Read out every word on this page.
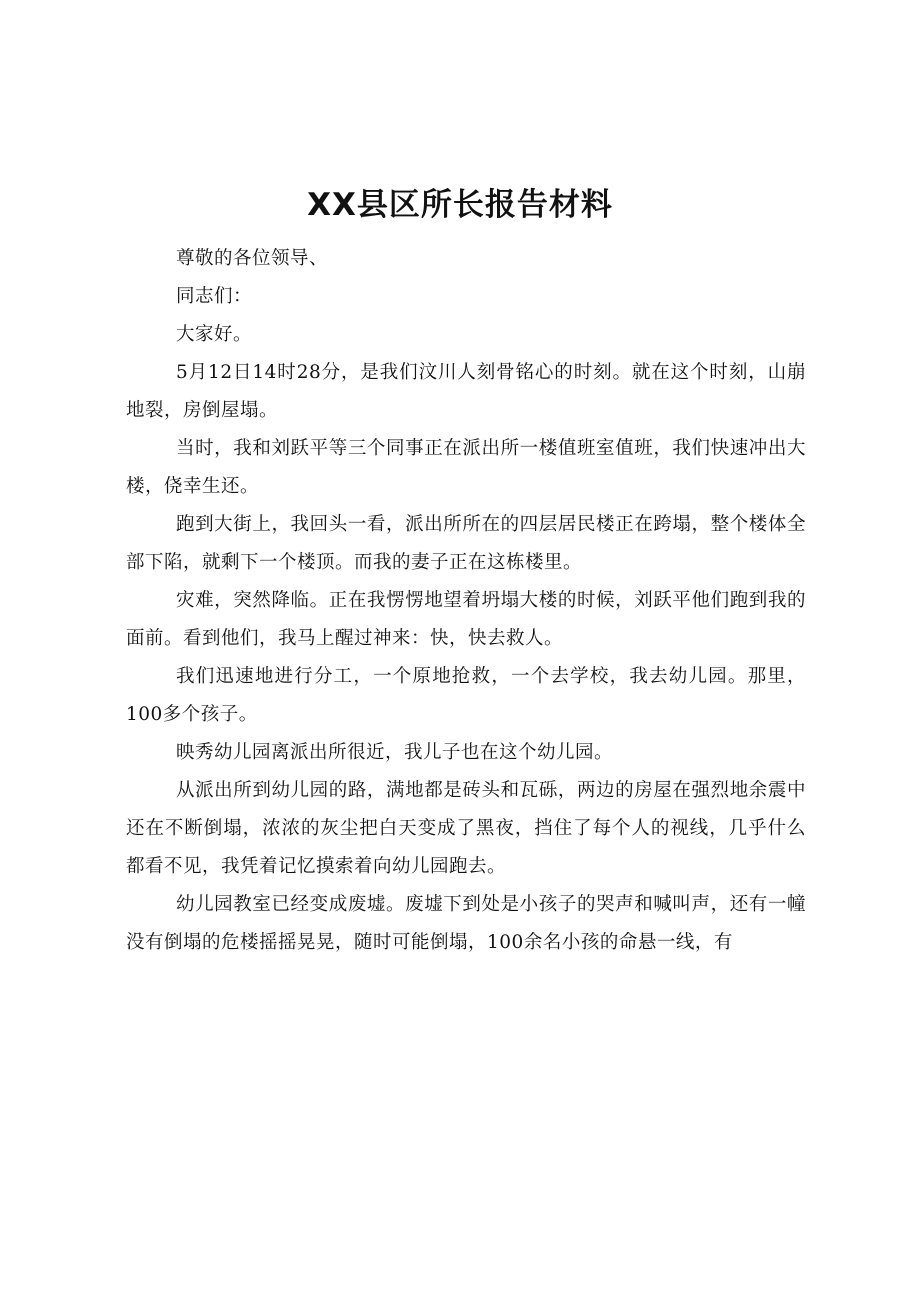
XX县区所长报告材料

尊敬的各位领导、

同志们：

大家好。

5月12日14时28分，是我们汶川人刻骨铭心的时刻。就在这个时刻，山崩地裂，房倒屋塌。

当时，我和刘跃平等三个同事正在派出所一楼值班室值班，我们快速冲出大楼，侥幸生还。

跑到大街上，我回头一看，派出所所在的四层居民楼正在跨塌，整个楼体全部下陷，就剩下一个楼顶。而我的妻子正在这栋楼里。

灾难，突然降临。正在我愣愣地望着坍塌大楼的时候，刘跃平他们跑到我的面前。看到他们，我马上醒过神来：快，快去救人。

我们迅速地进行分工，一个原地抢救，一个去学校，我去幼儿园。那里，100多个孩子。

映秀幼儿园离派出所很近，我儿子也在这个幼儿园。

从派出所到幼儿园的路，满地都是砖头和瓦砾，两边的房屋在强烈地余震中还在不断倒塌，浓浓的灰尘把白天变成了黑夜，挡住了每个人的视线，几乎什么都看不见，我凭着记忆摸索着向幼儿园跑去。

幼儿园教室已经变成废墟。废墟下到处是小孩子的哭声和喊叫声，还有一幢没有倒塌的危楼摇摇晃晃，随时可能倒塌，100余名小孩的命悬一线，有
